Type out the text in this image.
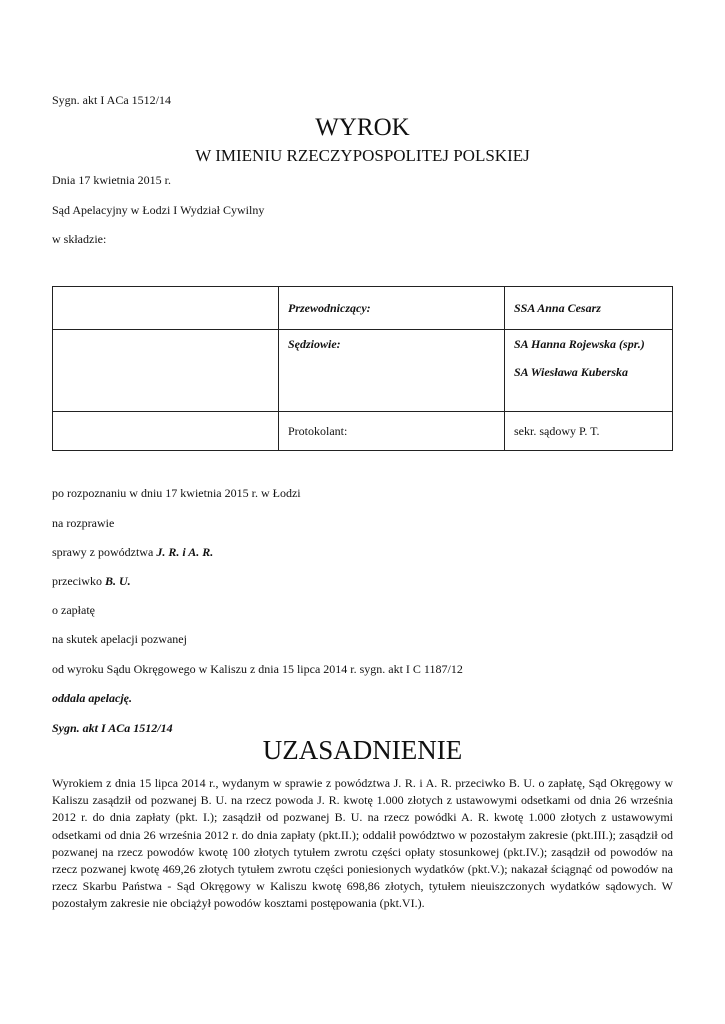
Sygn. akt I ACa 1512/14
WYROK
W IMIENIU RZECZYPOSPOLITEJ POLSKIEJ
Dnia 17 kwietnia 2015 r.
Sąd Apelacyjny w Łodzi I Wydział Cywilny
w składzie:
	Przewodniczący:	SSA Anna Cesarz
	Sędziowie:	SA Hanna Rojewska (spr.)
SA Wiesława Kuberska

	Protokolant:	sekr. sądowy P. T.
po rozpoznaniu w dniu 17 kwietnia 2015 r. w Łodzi
na rozprawie
sprawy z powództwa J. R. i A. R.
przeciwko B. U.
o zapłatę
na skutek apelacji pozwanej
od wyroku Sądu Okręgowego w Kaliszu z dnia 15 lipca 2014 r. sygn. akt I C 1187/12
oddala apelację.
Sygn. akt I ACa 1512/14
UZASADNIENIE

Wyrokiem z dnia 15 lipca 2014 r., wydanym w sprawie z powództwa J. R. i A. R. przeciwko B. U. o zapłatę, Sąd Okręgowy w Kaliszu zasądził od pozwanej B. U. na rzecz powoda J. R. kwotę 1.000 złotych z ustawowymi odsetkami od dnia 26 września 2012 r. do dnia zapłaty (pkt. I.); zasądził od pozwanej B. U. na rzecz powódki A. R. kwotę 1.000 złotych z ustawowymi odsetkami od dnia 26 września 2012 r. do dnia zapłaty (pkt.II.); oddalił powództwo w pozostałym zakresie (pkt.III.); zasądził od pozwanej na rzecz powodów kwotę 100 złotych tytułem zwrotu części opłaty stosunkowej (pkt.IV.); zasądził od powodów na rzecz pozwanej kwotę 469,26 złotych tytułem zwrotu części poniesionych wydatków (pkt.V.); nakazał ściągnąć od powodów na rzecz Skarbu Państwa - Sąd Okręgowy w Kaliszu kwotę 698,86 złotych, tytułem nieuiszczonych wydatków sądowych. W pozostałym zakresie nie obciążył powodów kosztami postępowania (pkt.VI.).
